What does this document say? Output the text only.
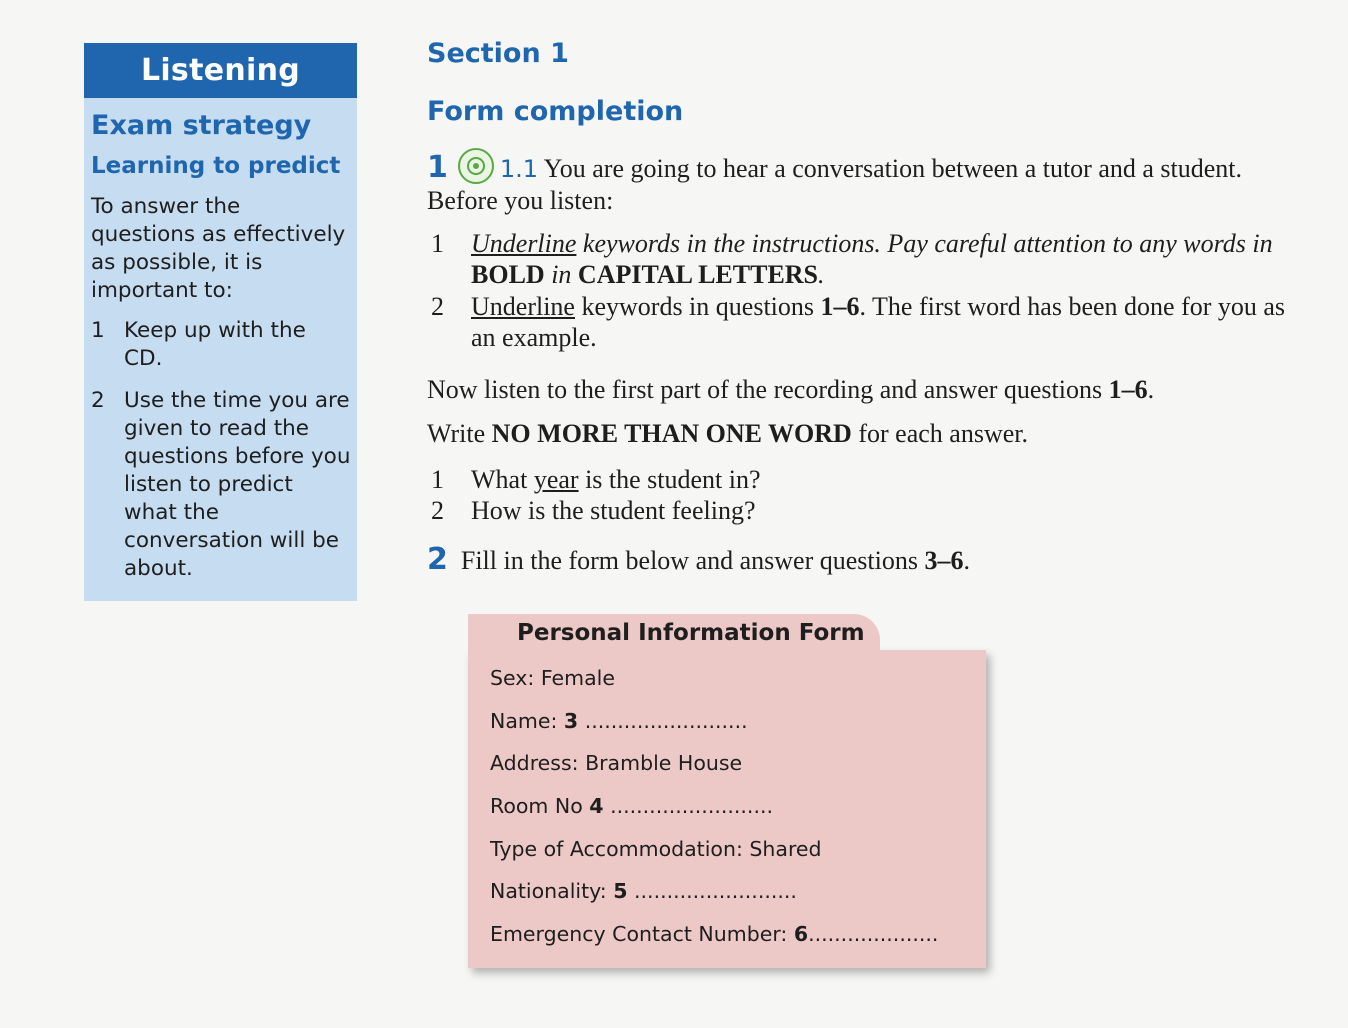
Listening

Exam strategy

Learning to predict

To answer the questions as effectively as possible, it is important to:

1 Keep up with the CD.
2 Use the time you are given to read the questions before you listen to predict what the conversation will be about.

Section 1

Form completion

1 1.1 You are going to hear a conversation between a tutor and a student. Before you listen:

1	Underline keywords in the instructions. Pay careful attention to any words in BOLD in CAPITAL LETTERS.
2	Underline keywords in questions 1–6. The first word has been done for you as an example.

Now listen to the first part of the recording and answer questions 1–6.

Write NO MORE THAN ONE WORD for each answer.

1	What year is the student in?
2	How is the student feeling?

2 Fill in the form below and answer questions 3–6.

Sex: Female
Name: 3 .........................
Address: Bramble House
Room No 4 .........................
Type of Accommodation: Shared
Nationality: 5 .........................
Emergency Contact Number: 6....................
Personal Information Form
